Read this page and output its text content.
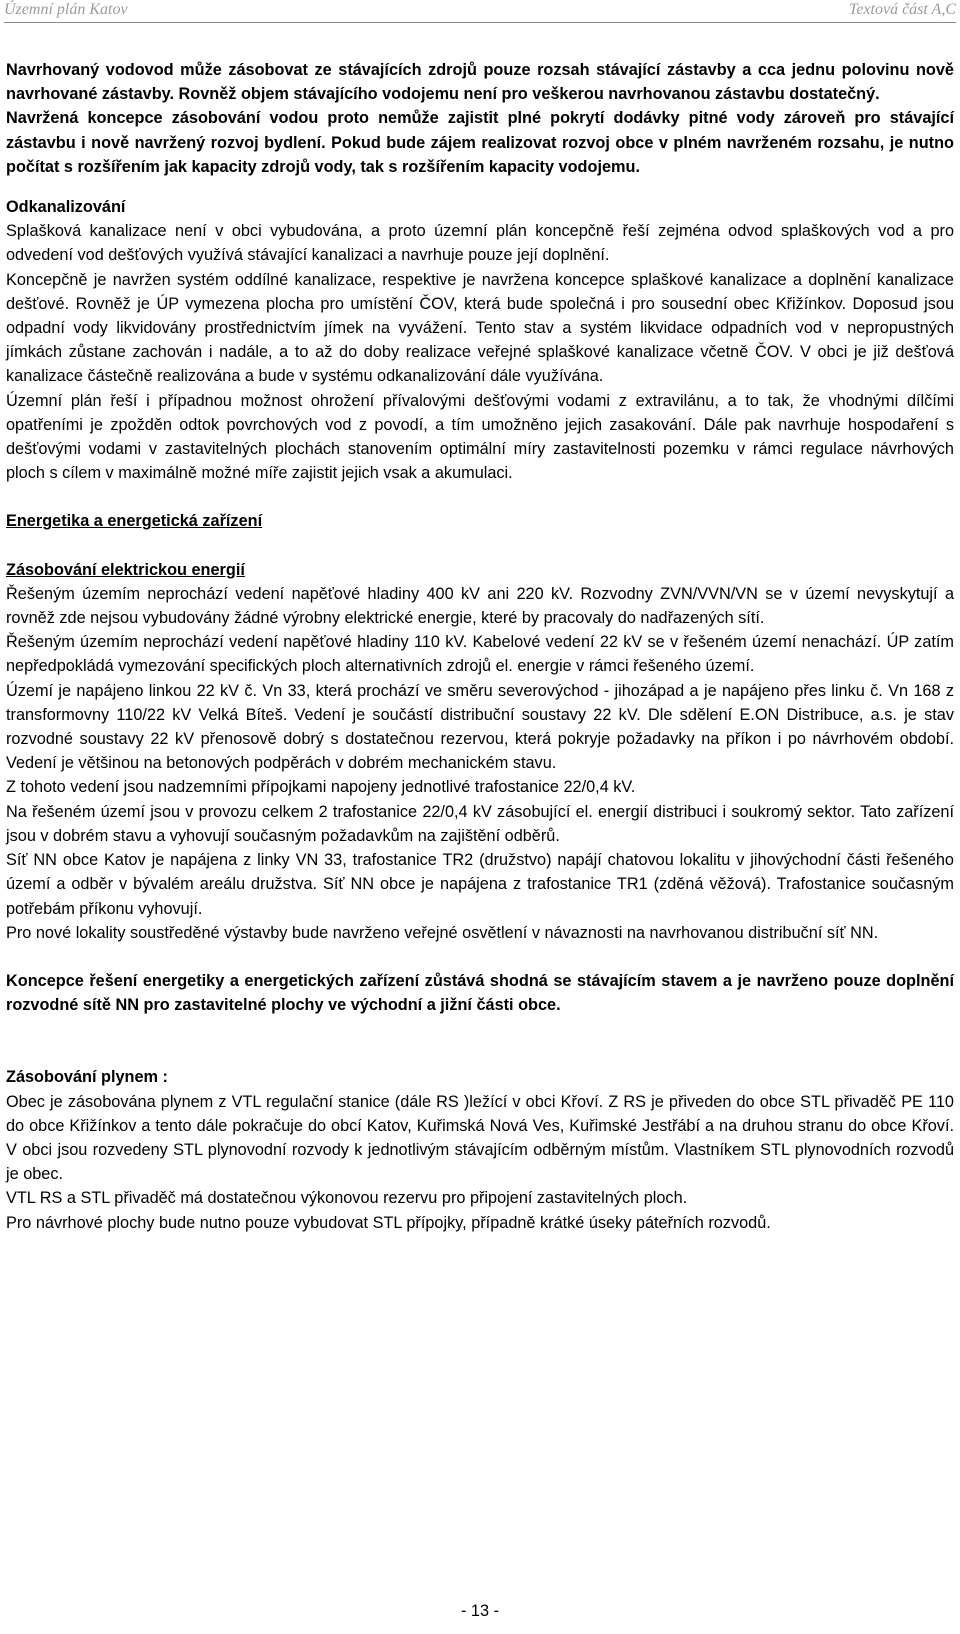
Územní plán Katov	Textová část A,C

Navrhovaný vodovod může zásobovat ze stávajících zdrojů pouze rozsah stávající zástavby a cca jednu polovinu nově navrhované zástavby. Rovněž objem stávajícího vodojemu není pro veškerou navrhovanou zástavbu dostatečný.

Navržená koncepce zásobování vodou proto nemůže zajistit plné pokrytí dodávky pitné vody zároveň pro stávající zástavbu i nově navržený rozvoj bydlení. Pokud bude zájem realizovat rozvoj obce v plném navrženém rozsahu, je nutno počítat s rozšířením jak kapacity zdrojů vody, tak s rozšířením kapacity vodojemu.

Odkanalizování

Splašková kanalizace není v obci vybudována, a proto územní plán koncepčně řeší zejména odvod splaškových vod a pro odvedení vod dešťových využívá stávající kanalizaci a navrhuje pouze její doplnění.

Koncepčně je navržen systém oddílné kanalizace, respektive je navržena koncepce splaškové kanalizace a doplnění kanalizace dešťové. Rovněž je ÚP vymezena plocha pro umístění ČOV, která bude společná i pro sousední obec Křižínkov. Doposud jsou odpadní vody likvidovány prostřednictvím jímek na vyvážení. Tento stav a systém likvidace odpadních vod v nepropustných jímkách zůstane zachován i nadále, a to až do doby realizace veřejné splaškové kanalizace včetně ČOV. V obci je již dešťová kanalizace částečně realizována a bude v systému odkanalizování dále využívána.

Územní plán řeší i případnou možnost ohrožení přívalovými dešťovými vodami z extravilánu, a to tak, že vhodnými dílčími opatřeními je zpožděn odtok povrchových vod z povodí, a tím umožněno jejich zasakování. Dále pak navrhuje hospodaření s dešťovými vodami v zastavitelných plochách stanovením optimální míry zastavitelnosti pozemku v rámci regulace návrhových ploch s cílem v maximálně možné míře zajistit jejich vsak a akumulaci.

Energetika a energetická zařízení

Zásobování elektrickou energií

Řešeným územím neprochází vedení napěťové hladiny 400 kV ani 220 kV. Rozvodny ZVN/VVN/VN se v území nevyskytují a rovněž zde nejsou vybudovány žádné výrobny elektrické energie, které by pracovaly do nadřazených sítí.

Řešeným územím neprochází vedení napěťové hladiny 110 kV. Kabelové vedení 22 kV se v řešeném území nenachází. ÚP zatím nepředpokládá vymezování specifických ploch alternativních zdrojů el. energie v rámci řešeného území.

Území je napájeno linkou 22 kV č. Vn 33, která prochází ve směru severovýchod - jihozápad a je napájeno přes linku č. Vn 168 z transformovny 110/22 kV Velká Bíteš. Vedení je součástí distribuční soustavy 22 kV. Dle sdělení E.ON Distribuce, a.s. je stav rozvodné soustavy 22 kV přenosově dobrý s dostatečnou rezervou, která pokryje požadavky na příkon i po návrhovém období. Vedení je většinou na betonových podpěrách v dobrém mechanickém stavu.

Z tohoto vedení jsou nadzemními přípojkami napojeny jednotlivé trafostanice 22/0,4 kV.

Na řešeném území jsou v provozu celkem 2 trafostanice 22/0,4 kV zásobující el. energií distribuci i soukromý sektor. Tato zařízení jsou v dobrém stavu a vyhovují současným požadavkům na zajištění odběrů.

Síť NN obce Katov je napájena z linky VN 33, trafostanice TR2 (družstvo) napájí chatovou lokalitu v jihovýchodní části řešeného území a odběr v bývalém areálu družstva. Síť NN obce je napájena z trafostanice TR1 (zděná věžová). Trafostanice současným potřebám příkonu vyhovují.

Pro nové lokality soustředěné výstavby bude navrženo veřejné osvětlení v návaznosti na navrhovanou distribuční síť NN.

Koncepce řešení energetiky a energetických zařízení zůstává shodná se stávajícím stavem a je navrženo pouze doplnění rozvodné sítě NN pro zastavitelné plochy ve východní a jižní části obce.

Zásobování plynem :

Obec je zásobována plynem z VTL regulační stanice (dále RS )ležící v obci Křoví. Z RS je přiveden do obce STL přivaděč PE 110 do obce Křižínkov a tento dále pokračuje do obcí Katov, Kuřimská Nová Ves, Kuřimské Jestřábí a na druhou stranu do obce Křoví. V obci jsou rozvedeny STL plynovodní rozvody k jednotlivým stávajícím odběrným místům. Vlastníkem STL plynovodních rozvodů je obec.

VTL RS a STL přivaděč má dostatečnou výkonovou rezervu pro připojení zastavitelných ploch.

Pro návrhové plochy bude nutno pouze vybudovat STL přípojky, případně krátké úseky páteřních rozvodů.

- 13 -
